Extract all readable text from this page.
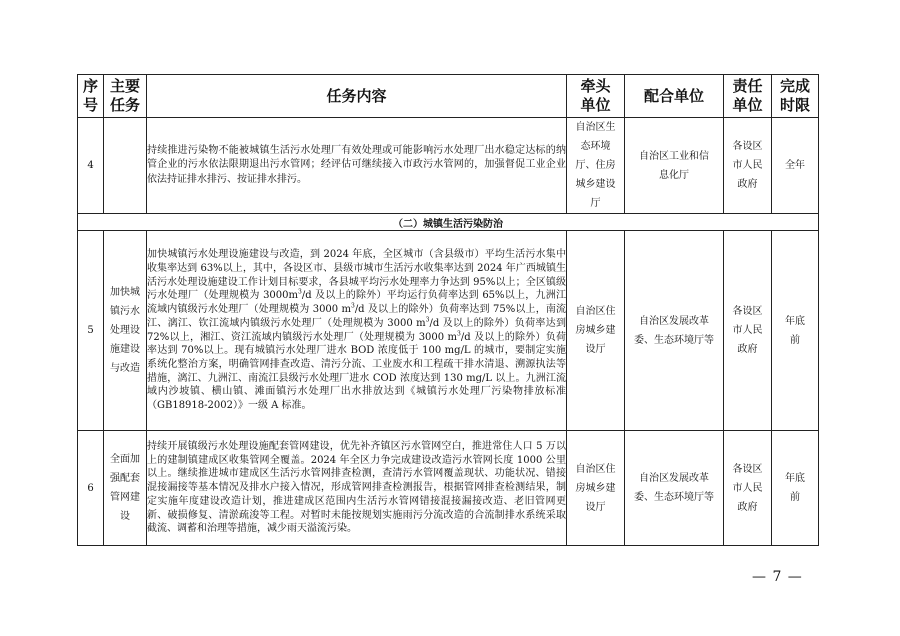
序号	主要任务	任务内容	牵头单位	配合单位	责任单位	完成时限
4		持续推进污染物不能被城镇生活污水处理厂有效处理或可能影响污水处理厂出水稳定达标的纳管企业的污水依法限期退出污水管网；经评估可继续接入市政污水管网的，加强督促工业企业依法持证排水排污、按证排水排污。	自治区生态环境厅、住房城乡建设厅	自治区工业和信息化厅	各设区市人民政府	全年
（二）城镇生活污染防治						
5	加快城镇污水处理设施建设与改造	加快城镇污水处理设施建设与改造，到 2024 年底，全区城市（含县级市）平均生活污水集中收集率达到 63%以上，其中，各设区市、县级市城市生活污水收集率达到 2024 年广西城镇生活污水处理设施建设工作计划目标要求，各县城平均污水处理率力争达到 95%以上；全区镇级污水处理厂（处理规模为 $3000m^3/d$ 及以上的除外）平均运行负荷率达到 65%以上，九洲江流域内镇级污水处理厂（处理规模为 3000 $m^3/d$ 及以上的除外）负荷率达到 75%以上，南流江、漓江、钦江流域内镇级污水处理厂（处理规模为 3000 $m^3/d$ 及以上的除外）负荷率达到 72%以上，湘江、资江流域内镇级污水处理厂（处理规模为 3000 $m^3/d$ 及以上的除外）负荷率达到 70%以上。现有城镇污水处理厂进水 BOD 浓度低于 100 mg/L 的城市，要制定实施系统化整治方案，明确管网排查改造、清污分流、工业废水和工程疏干排水清退、溯源执法等措施，漓江、九洲江、南流江县级污水处理厂进水 COD 浓度达到 130 mg/L 以上。九洲江流域内沙坡镇、横山镇、滩面镇污水处理厂出水排放达到《城镇污水处理厂污染物排放标准（GB18918-2002）》一级 A 标准。	自治区住房城乡建设厅	自治区发展改革委、生态环境厅等	各设区市人民政府	年底前
6	全面加强配套管网建设	持续开展镇级污水处理设施配套管网建设，优先补齐镇区污水管网空白，推进常住人口 5 万以上的建制镇建成区收集管网全覆盖。2024 年全区力争完成建设改造污水管网长度 1000 公里以上。继续推进城市建成区生活污水管网排查检测，查清污水管网覆盖现状、功能状况、错接混接漏接等基本情况及排水户接入情况，形成管网排查检测报告，根据管网排查检测结果，制定实施年度建设改造计划，推进建成区范围内生活污水管网错接混接漏接改造、老旧管网更新、破损修复、清淤疏浚等工程。对暂时未能按规划实施雨污分流改造的合流制排水系统采取截流、调蓄和治理等措施，减少雨天溢流污染。	自治区住房城乡建设厅	自治区发展改革委、生态环境厅等	各设区市人民政府	年底前
— 7 —
